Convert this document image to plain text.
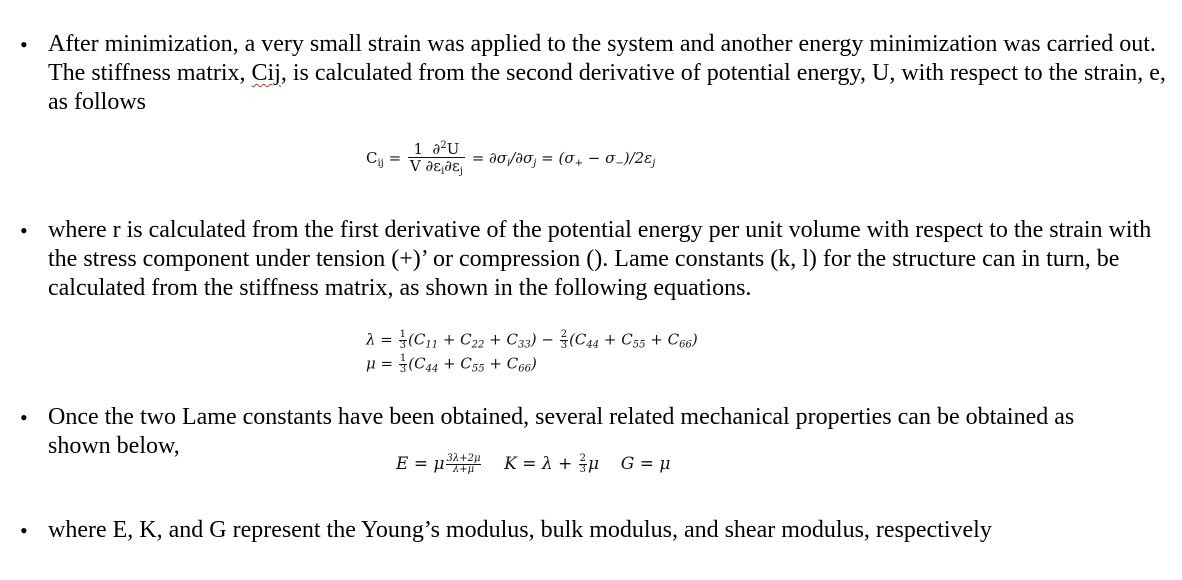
• After minimization, a very small strain was applied to the system and another energy minimization was carried out. The stiffness matrix, Cij, is calculated from the second derivative of potential energy, U, with respect to the strain, e, as follows
$C_{ij} = \frac{1 \partial^2U}{V \partial\varepsilon_i\partial\varepsilon_j} = \partial\sigma_i/\partial\sigma_j = (\sigma_+ - \sigma_-)/2\varepsilon_j$
• where r is calculated from the first derivative of the potential energy per unit volume with respect to the strain with the stress component under tension (+)’ or compression (). Lame constants (k, l) for the structure can in turn, be calculated from the stiffness matrix, as shown in the following equations.
$\lambda = \frac{1}{3} (C_{11} + C_{22} + C_{33}) - \frac{2}{3} (C_{44} + C_{55} + C_{66})$
$\mu = \frac{1}{3} (C_{44} + C_{55} + C_{66})$
• Once the two Lame constants have been obtained, several related mechanical properties can be obtained as shown below,
E = μ $\frac{3\lambda+2\mu}{\lambda+\mu}$ $K = \lambda + \frac{2}{3}$ μ G = μ
• where E, K, and G represent the Young’s modulus, bulk modulus, and shear modulus, respectively
